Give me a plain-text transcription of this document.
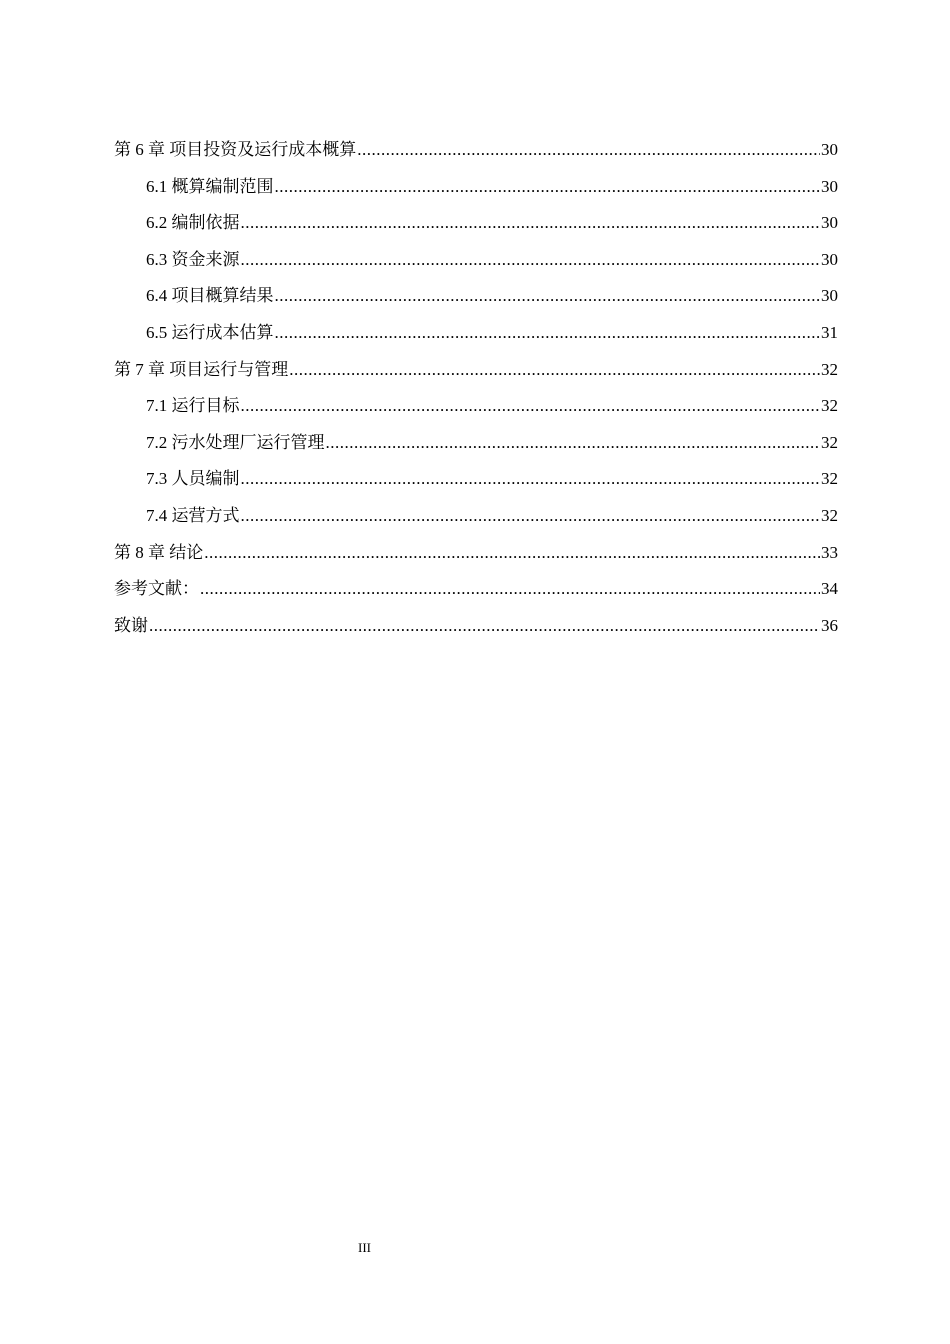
第 6 章 项目投资及运行成本概算 .....	30
6.1 概算编制范围 .....	30
6.2 编制依据 .....	30
6.3 资金来源 .....	30
6.4 项目概算结果 .....	30
6.5 运行成本估算 .....	31
第 7 章 项目运行与管理 .....	32
7.1 运行目标 .....	32
7.2 污水处理厂运行管理 .....	32
7.3 人员编制 .....	32
7.4 运营方式 .....	32
第 8 章 结论 .....	33
参考文献： .....	34
致谢 .....	36
III
